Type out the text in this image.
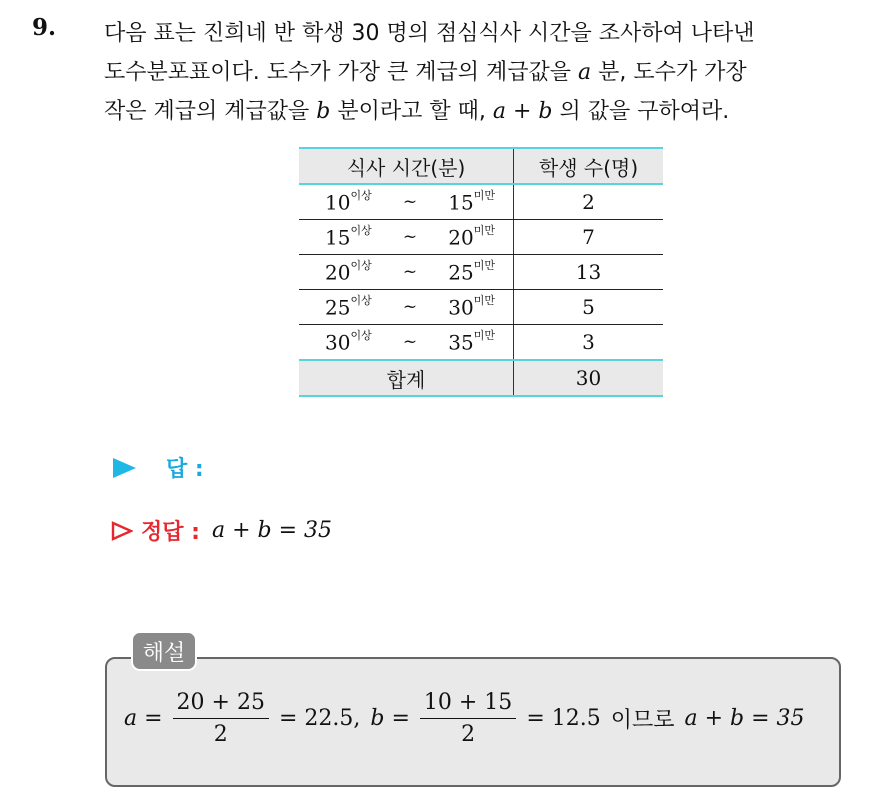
9. 다음 표는 진희네 반 학생 30 명의 점심식사 시간을 조사하여 나타낸
도수분포표이다. 도수가 가장 큰 계급의 계급값을 a 분, 도수가 가장
작은 계급의 계급값을 b 분이라고 할 때, a + b 의 값을 구하여라.
식사 시간(분)	학생 수(명)

$10^{이상}$ ~ $15^{미만}$	2

$15^{이상}$ ~ $20^{미만}$	7

$20^{이상}$ ~ $25^{미만}$	13

$25^{이상}$ ~ $30^{미만}$	5

$30^{이상}$ ~ $35^{미만}$	3
합계	30
답 :
정답 : a + b = 35
해설
$a = \frac{20 + 25}{2} = 22.5$, $b = \frac{10 + 15}{2} = 12.5$ 이므로 a + b = 35
